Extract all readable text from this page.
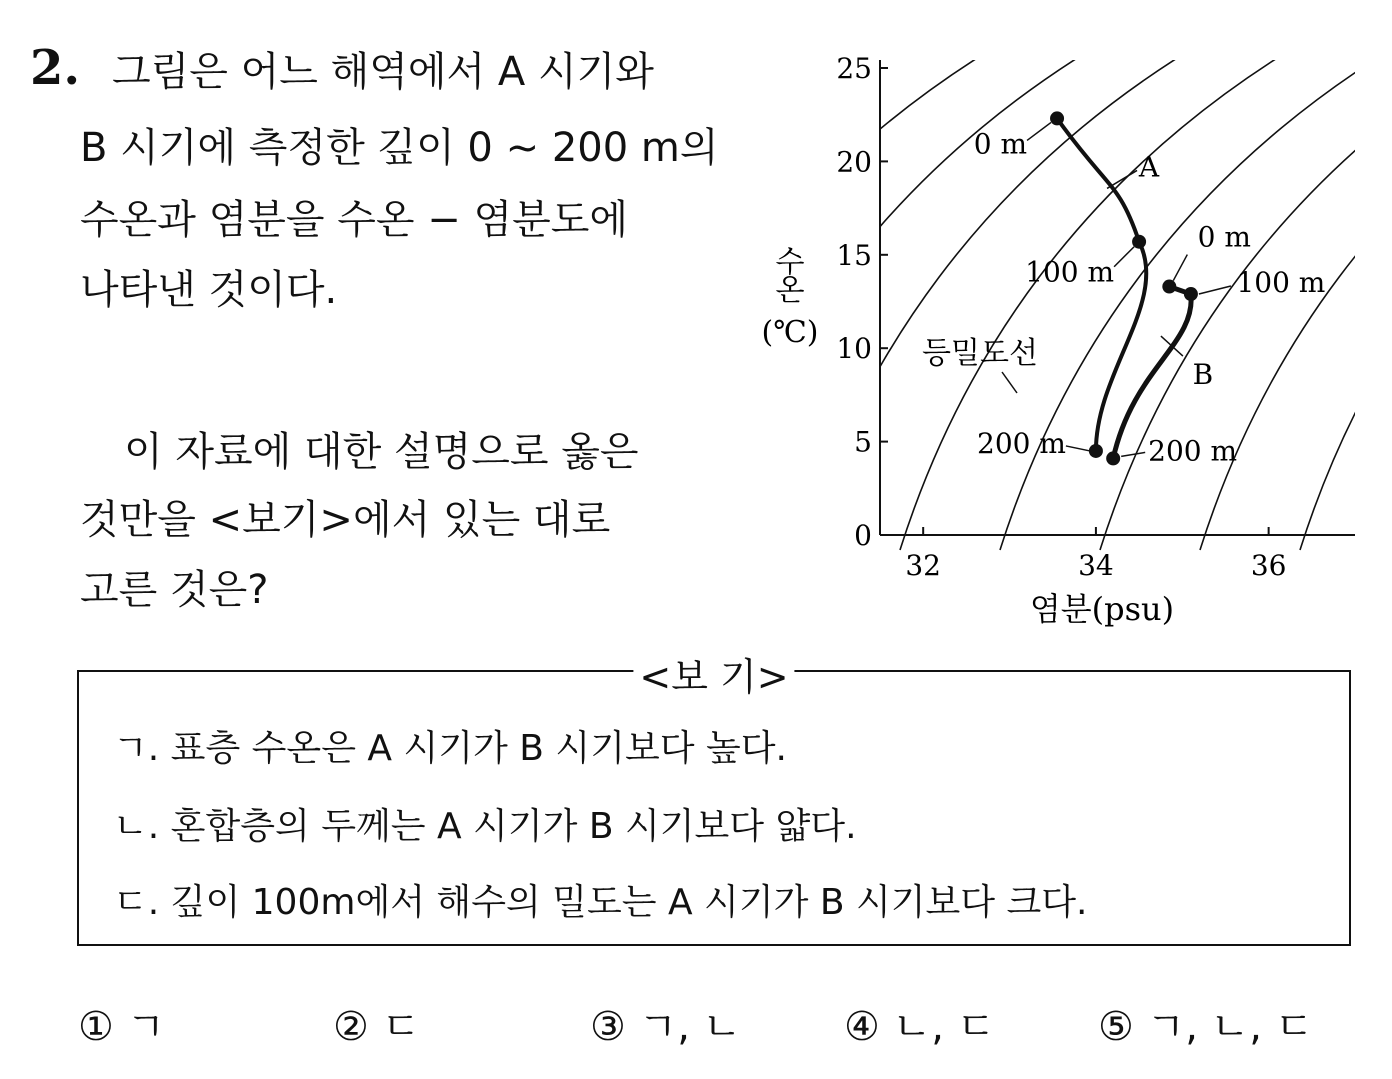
2. 그림은 어느 해역에서 A 시기와
B 시기에 측정한 깊이 0 ~ 200 m의
수온과 염분을 수온 − 염분도에
나타낸 것이다.
이 자료에 대한 설명으로 옳은
것만을 <보기>에서 있는 대로
고른 것은?
0
5
10
15
20
25
32	34	36
0 m
100 m
200 m
A
0 m
100 m
200 m
B
수
온
(℃)
염분(psu)
등밀도선
<보 기>
ㄱ. 표층 수온은 A 시기가 B 시기보다 높다.
ㄴ. 혼합층의 두께는 A 시기가 B 시기보다 얇다.
ㄷ. 깊이 100m에서 해수의 밀도는 A 시기가 B 시기보다 크다.
① ㄱ	② ㄷ	③ ㄱ, ㄴ	④ ㄴ, ㄷ	⑤ ㄱ, ㄴ, ㄷ
